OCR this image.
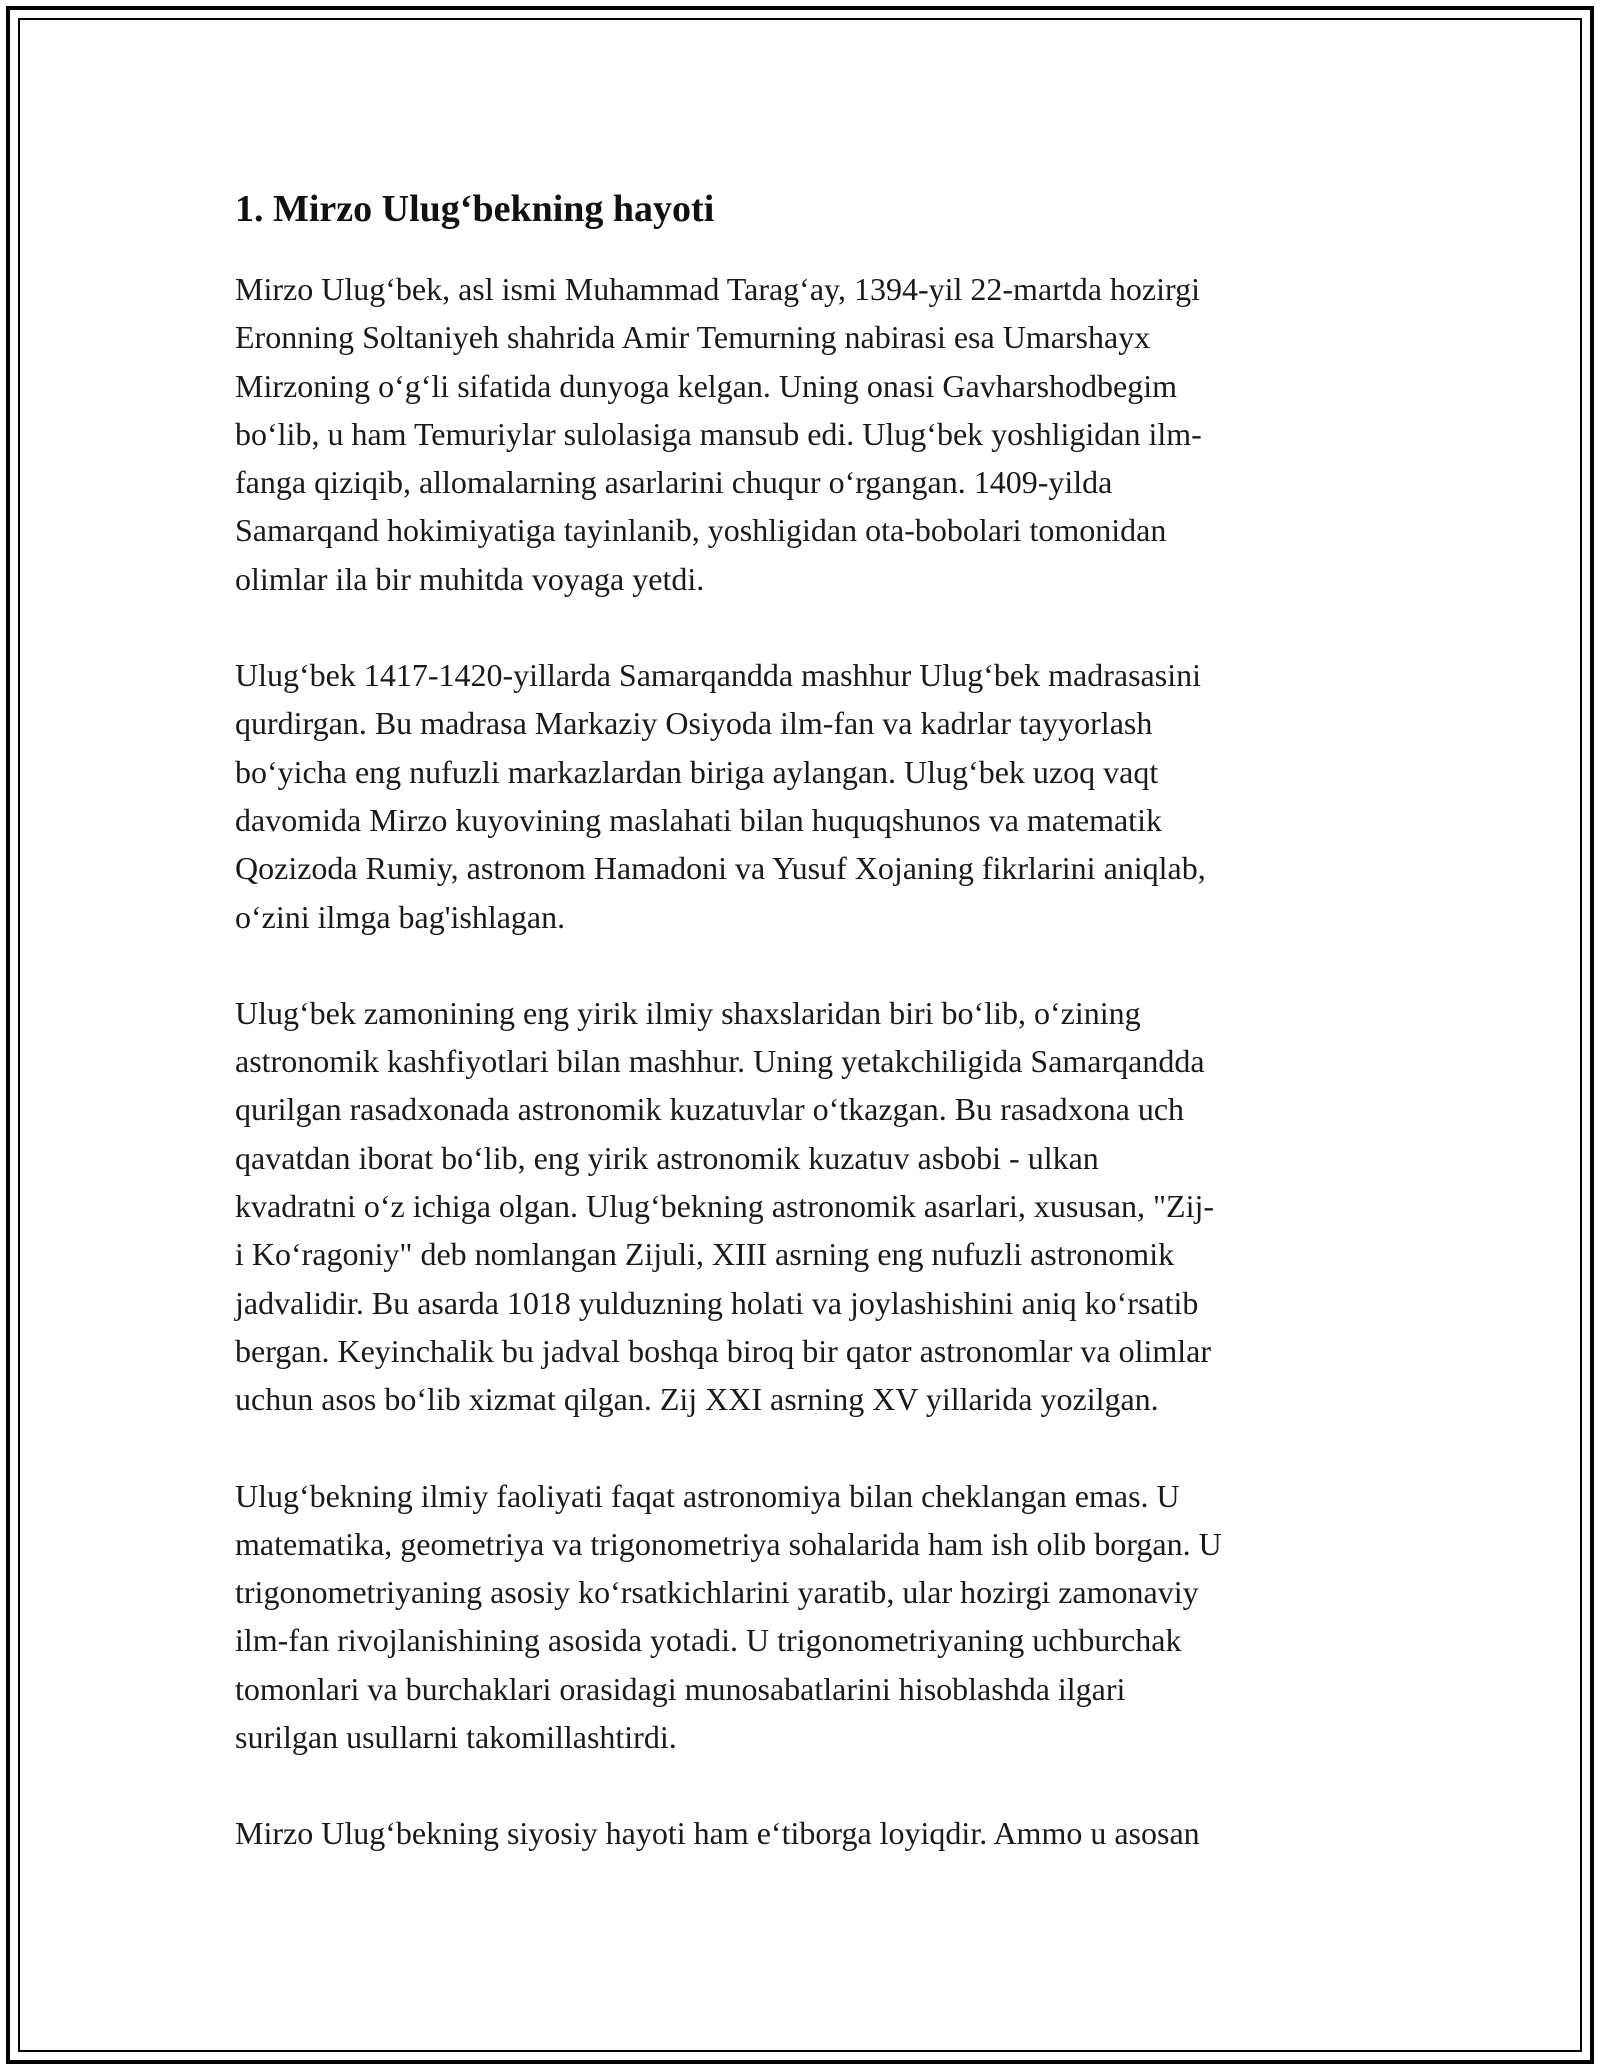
1. Mirzo Ulug‘bekning hayoti

Mirzo Ulug‘bek, asl ismi Muhammad Tarag‘ay, 1394-yil 22-martda hozirgi
Eronning Soltaniyeh shahrida Amir Temurning nabirasi esa Umarshayx
Mirzoning o‘g‘li sifatida dunyoga kelgan. Uning onasi Gavharshodbegim
bo‘lib, u ham Temuriylar sulolasiga mansub edi. Ulug‘bek yoshligidan ilm-
fanga qiziqib, allomalarning asarlarini chuqur o‘rgangan. 1409-yilda
Samarqand hokimiyatiga tayinlanib, yoshligidan ota-bobolari tomonidan
olimlar ila bir muhitda voyaga yetdi.

Ulug‘bek 1417-1420-yillarda Samarqandda mashhur Ulug‘bek madrasasini
qurdirgan. Bu madrasa Markaziy Osiyoda ilm-fan va kadrlar tayyorlash
bo‘yicha eng nufuzli markazlardan biriga aylangan. Ulug‘bek uzoq vaqt
davomida Mirzo kuyovining maslahati bilan huquqshunos va matematik
Qozizoda Rumiy, astronom Hamadoni va Yusuf Xojaning fikrlarini aniqlab,
o‘zini ilmga bag'ishlagan.

Ulug‘bek zamonining eng yirik ilmiy shaxslaridan biri bo‘lib, o‘zining
astronomik kashfiyotlari bilan mashhur. Uning yetakchiligida Samarqandda
qurilgan rasadxonada astronomik kuzatuvlar o‘tkazgan. Bu rasadxona uch
qavatdan iborat bo‘lib, eng yirik astronomik kuzatuv asbobi - ulkan
kvadratni o‘z ichiga olgan. Ulug‘bekning astronomik asarlari, xususan, "Zij-
i Ko‘ragoniy" deb nomlangan Zijuli, XIII asrning eng nufuzli astronomik
jadvalidir. Bu asarda 1018 yulduzning holati va joylashishini aniq ko‘rsatib
bergan. Keyinchalik bu jadval boshqa biroq bir qator astronomlar va olimlar
uchun asos bo‘lib xizmat qilgan. Zij XXI asrning XV yillarida yozilgan.

Ulug‘bekning ilmiy faoliyati faqat astronomiya bilan cheklangan emas. U
matematika, geometriya va trigonometriya sohalarida ham ish olib borgan. U
trigonometriyaning asosiy ko‘rsatkichlarini yaratib, ular hozirgi zamonaviy
ilm-fan rivojlanishining asosida yotadi. U trigonometriyaning uchburchak
tomonlari va burchaklari orasidagi munosabatlarini hisoblashda ilgari
surilgan usullarni takomillashtirdi.

Mirzo Ulug‘bekning siyosiy hayoti ham e‘tiborga loyiqdir. Ammo u asosan
